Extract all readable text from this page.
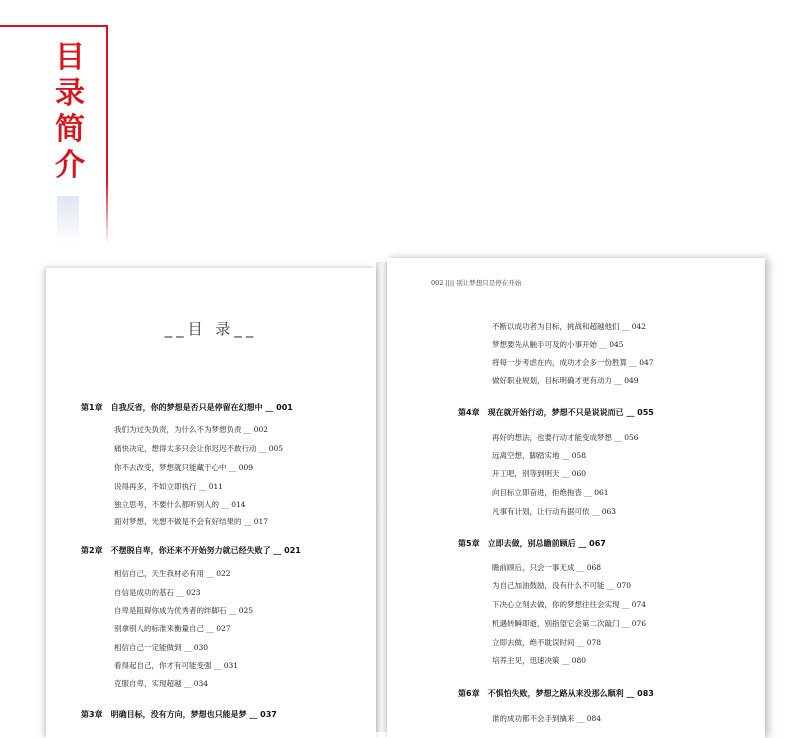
目
录
简
介
__目 录__
第1章 自我反省，你的梦想是否只是停留在幻想中 __ 001
我们为过失负责，为什么不为梦想负责 __ 002
痛快决定，想得太多只会让你迟迟不敢行动 __ 005
你不去改变，梦想就只能藏于心中 __ 009
说得再多，不如立即执行 __ 011
独立思考，不要什么都听别人的 __ 014
面对梦想，光想不做是不会有好结果的 __ 017
第2章 不摆脱自卑，你还来不开始努力就已经失败了 __ 021
相信自己，天生我材必有用 __ 022
自信是成功的基石 __ 023
自卑是阻碍你成为优秀者的绊脚石 __ 025
别拿别人的标准来衡量自己 __ 027
相信自己一定能做到 __ 030
看得起自己，你才有可能变强 __ 031
克服自卑，实现超越 __ 034
第3章 明确目标，没有方向，梦想也只能是梦 __ 037
002 |||| 别让梦想只是停在开始
不断以成功者为目标，挑战和超越他们 __ 042
梦想要先从触手可及的小事开始 __ 045
将每一步考虑在内，成功才会多一份胜算 __ 047
做好职业规划，目标明确才更有动力 __ 049
第4章 现在就开始行动，梦想不只是说说而已 __ 055
再好的想法，也要行动才能变成梦想 __ 056
远离空想，脚踏实地 __ 058
开工吧，别等到明天 __ 060
向目标立即奋进，拒绝拖沓 __ 061
凡事有计划，让行动有据可依 __ 063
第5章 立即去做，别总瞻前顾后 __ 067
瞻前顾后，只会一事无成 __ 068
为自己加油鼓励，没有什么不可能 __ 070
下决心立刻去做，你的梦想往往会实现 __ 074
机遇转瞬即逝，别指望它会第二次敲门 __ 076
立即去做，绝不耽误时间 __ 078
培养主见，迅速决策 __ 080
第6章 不惧怕失败，梦想之路从来没那么顺利 __ 083
谁的成功都不会手到擒来 __ 084
